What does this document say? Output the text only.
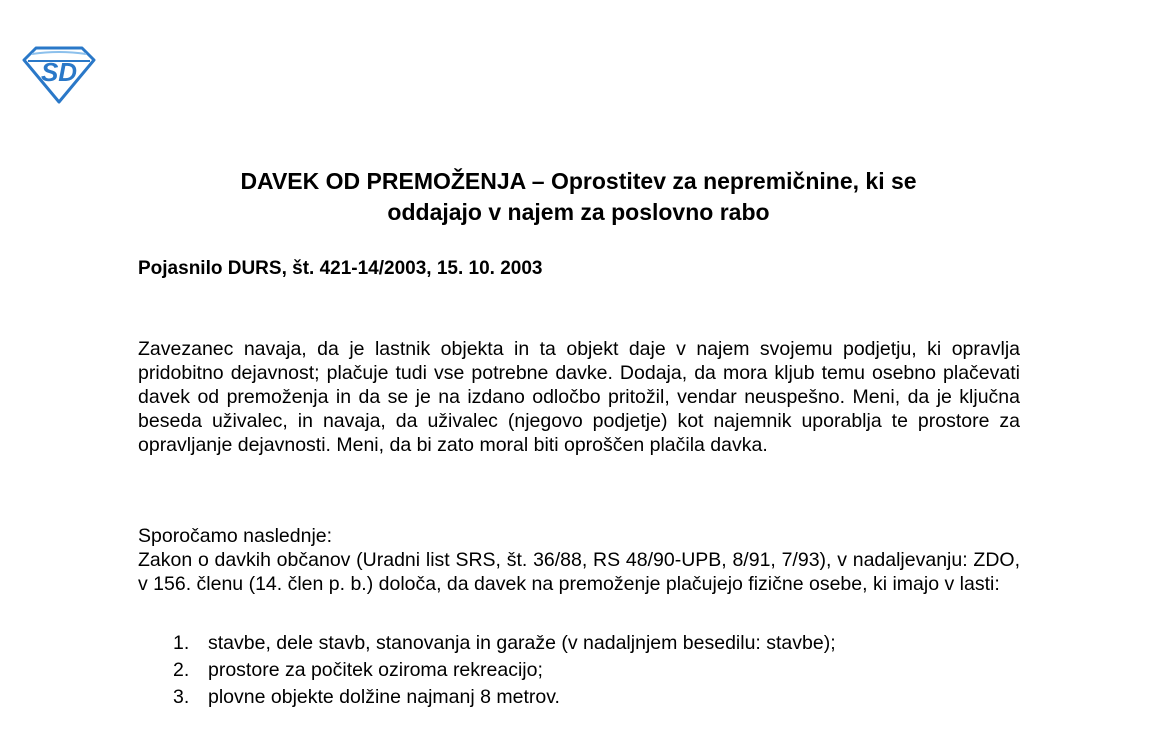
SD
DAVEK OD PREMOŽENJA – Oprostitev za nepremičnine, ki se
oddajajo v najem za poslovno rabo

Pojasnilo DURS, št. 421-14/2003, 15. 10. 2003

Zavezanec navaja, da je lastnik objekta in ta objekt daje v najem svojemu podjetju, ki opravlja pridobitno dejavnost; plačuje tudi vse potrebne davke. Dodaja, da mora kljub temu osebno plačevati davek od premoženja in da se je na izdano odločbo pritožil, vendar neuspešno. Meni, da je ključna beseda uživalec, in navaja, da uživalec (njegovo podjetje) kot najemnik uporablja te prostore za opravljanje dejavnosti. Meni, da bi zato moral biti oproščen plačila davka.

Sporočamo naslednje:

Zakon o davkih občanov (Uradni list SRS, št. 36/88, RS 48/90-UPB, 8/91, 7/93), v nadaljevanju: ZDO, v 156. členu (14. člen p. b.) določa, da davek na premoženje plačujejo fizične osebe, ki imajo v lasti:

1. stavbe, dele stavb, stanovanja in garaže (v nadaljnjem besedilu: stavbe);
2. prostore za počitek oziroma rekreacijo;
3. plovne objekte dolžine najmanj 8 metrov.
